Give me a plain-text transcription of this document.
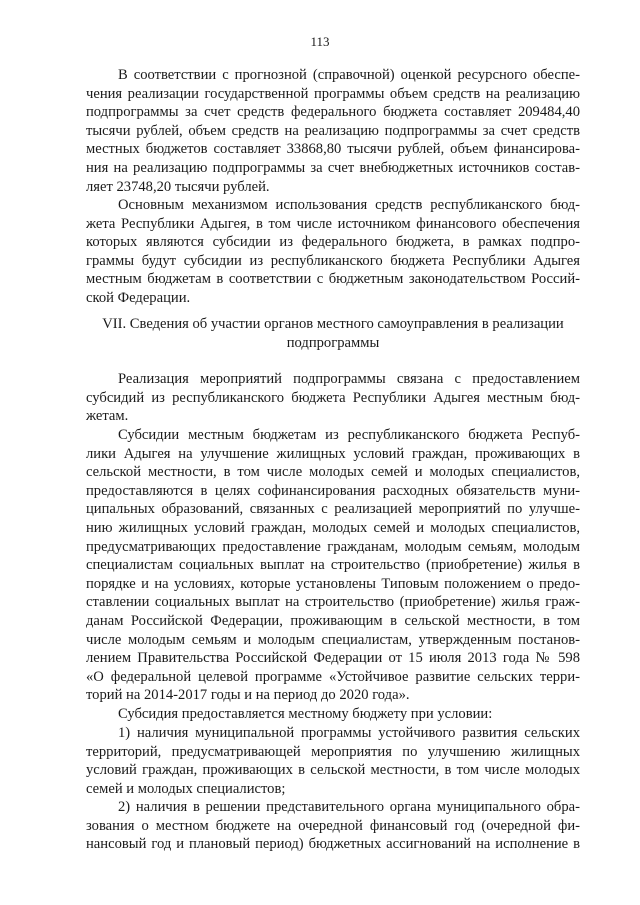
113
В соответствии с прогнозной (справочной) оценкой ресурсного обеспе-
чения реализации государственной программы объем средств на реализацию
подпрограммы за счет средств федерального бюджета составляет 209484,40
тысячи рублей, объем средств на реализацию подпрограммы за счет средств
местных бюджетов составляет 33868,80 тысячи рублей, объем финансирова-
ния на реализацию подпрограммы за счет внебюджетных источников состав-
ляет 23748,20 тысячи рублей.
Основным механизмом использования средств республиканского бюд-
жета Республики Адыгея, в том числе источником финансового обеспечения
которых являются субсидии из федерального бюджета, в рамках подпро-
граммы будут субсидии из республиканского бюджета Республики Адыгея
местным бюджетам в соответствии с бюджетным законодательством Россий-
ской Федерации.
VII. Сведения об участии органов местного самоуправления в реализации
подпрограммы
Реализация мероприятий подпрограммы связана с предоставлением
субсидий из республиканского бюджета Республики Адыгея местным бюд-
жетам.
Субсидии местным бюджетам из республиканского бюджета Респуб-
лики Адыгея на улучшение жилищных условий граждан, проживающих в
сельской местности, в том числе молодых семей и молодых специалистов,
предоставляются в целях софинансирования расходных обязательств муни-
ципальных образований, связанных с реализацией мероприятий по улучше-
нию жилищных условий граждан, молодых семей и молодых специалистов,
предусматривающих предоставление гражданам, молодым семьям, молодым
специалистам социальных выплат на строительство (приобретение) жилья в
порядке и на условиях, которые установлены Типовым положением о предо-
ставлении социальных выплат на строительство (приобретение) жилья граж-
данам Российской Федерации, проживающим в сельской местности, в том
числе молодым семьям и молодым специалистам, утвержденным постанов-
лением Правительства Российской Федерации от 15 июля 2013 года № 598
«О федеральной целевой программе «Устойчивое развитие сельских терри-
торий на 2014-2017 годы и на период до 2020 года».
Субсидия предоставляется местному бюджету при условии:
1) наличия муниципальной программы устойчивого развития сельских
территорий, предусматривающей мероприятия по улучшению жилищных
условий граждан, проживающих в сельской местности, в том числе молодых
семей и молодых специалистов;
2) наличия в решении представительного органа муниципального обра-
зования о местном бюджете на очередной финансовый год (очередной фи-
нансовый год и плановый период) бюджетных ассигнований на исполнение в
